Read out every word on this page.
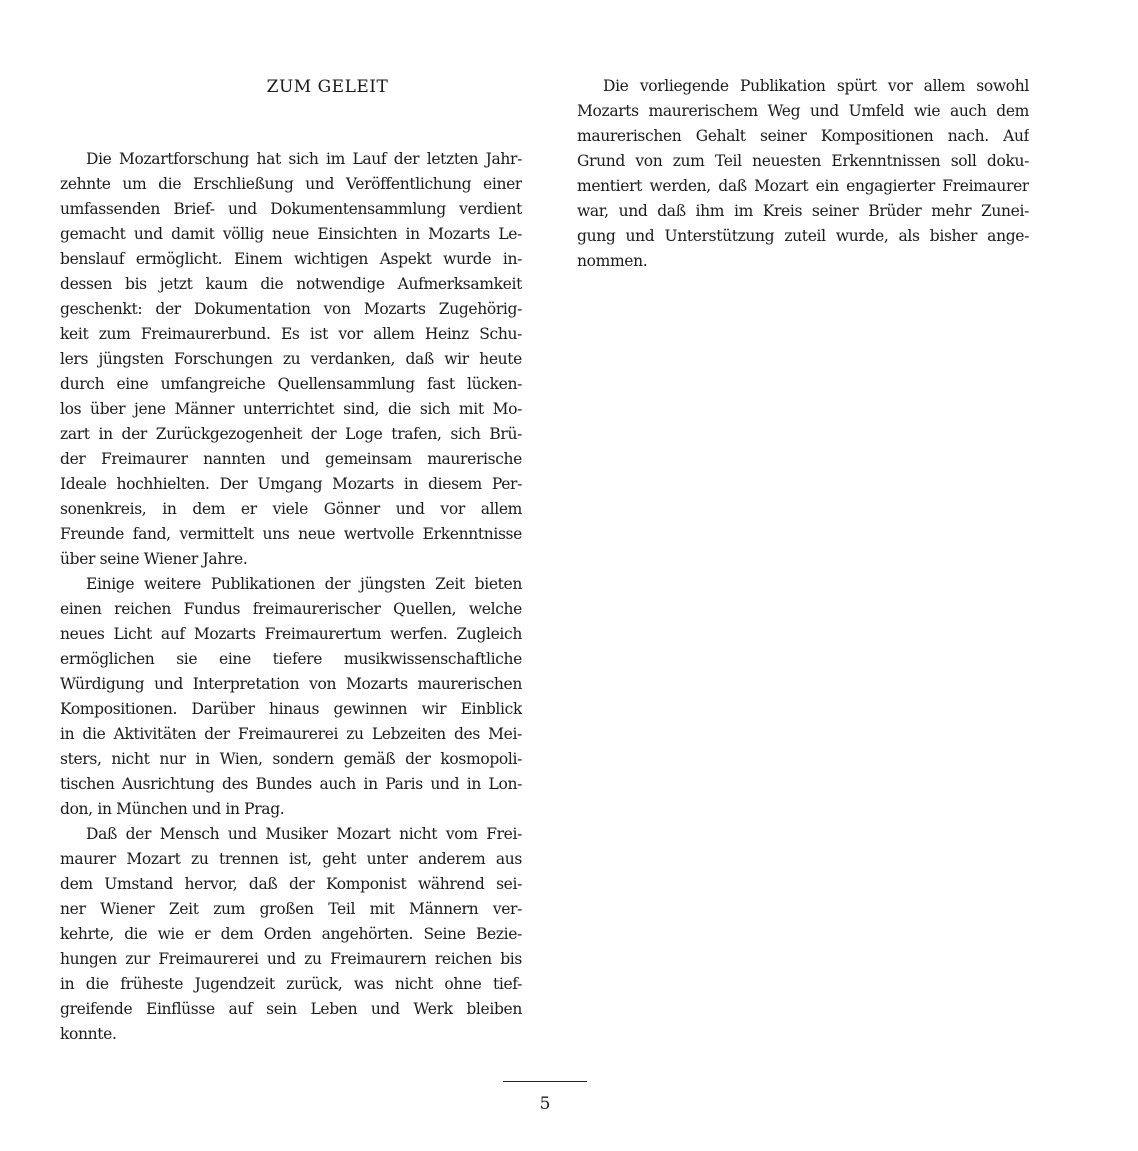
ZUM GELEIT
Die Mozartforschung hat sich im Lauf der letzten Jahr-
zehnte um die Erschließung und Veröffentlichung einer
umfassenden Brief- und Dokumentensammlung verdient
gemacht und damit völlig neue Einsichten in Mozarts Le-
benslauf ermöglicht. Einem wichtigen Aspekt wurde in-
dessen bis jetzt kaum die notwendige Aufmerksamkeit
geschenkt: der Dokumentation von Mozarts Zugehörig-
keit zum Freimaurerbund. Es ist vor allem Heinz Schu-
lers jüngsten Forschungen zu verdanken, daß wir heute
durch eine umfangreiche Quellensammlung fast lücken-
los über jene Männer unterrichtet sind, die sich mit Mo-
zart in der Zurückgezogenheit der Loge trafen, sich Brü-
der Freimaurer nannten und gemeinsam maurerische
Ideale hochhielten. Der Umgang Mozarts in diesem Per-
sonenkreis, in dem er viele Gönner und vor allem
Freunde fand, vermittelt uns neue wertvolle Erkenntnisse
über seine Wiener Jahre.
Einige weitere Publikationen der jüngsten Zeit bieten
einen reichen Fundus freimaurerischer Quellen, welche
neues Licht auf Mozarts Freimaurertum werfen. Zugleich
ermöglichen sie eine tiefere musikwissenschaftliche
Würdigung und Interpretation von Mozarts maurerischen
Kompositionen. Darüber hinaus gewinnen wir Einblick
in die Aktivitäten der Freimaurerei zu Lebzeiten des Mei-
sters, nicht nur in Wien, sondern gemäß der kosmopoli-
tischen Ausrichtung des Bundes auch in Paris und in Lon-
don, in München und in Prag.
Daß der Mensch und Musiker Mozart nicht vom Frei-
maurer Mozart zu trennen ist, geht unter anderem aus
dem Umstand hervor, daß der Komponist während sei-
ner Wiener Zeit zum großen Teil mit Männern ver-
kehrte, die wie er dem Orden angehörten. Seine Bezie-
hungen zur Freimaurerei und zu Freimaurern reichen bis
in die früheste Jugendzeit zurück, was nicht ohne tief-
greifende Einflüsse auf sein Leben und Werk bleiben
konnte.
Die vorliegende Publikation spürt vor allem sowohl
Mozarts maurerischem Weg und Umfeld wie auch dem
maurerischen Gehalt seiner Kompositionen nach. Auf
Grund von zum Teil neuesten Erkenntnissen soll doku-
mentiert werden, daß Mozart ein engagierter Freimaurer
war, und daß ihm im Kreis seiner Brüder mehr Zunei-
gung und Unterstützung zuteil wurde, als bisher ange-
nommen.
5
